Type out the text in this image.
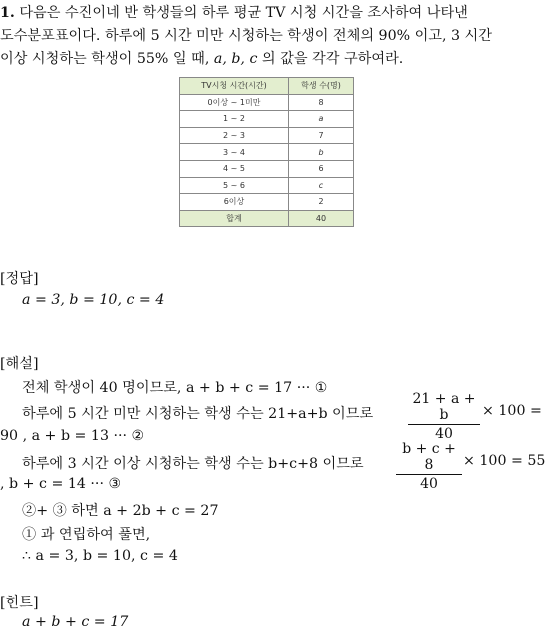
1. 다음은 수진이네 반 학생들의 하루 평균 TV 시청 시간을 조사하여 나타낸
도수분포표이다. 하루에 5 시간 미만 시청하는 학생이 전체의 90% 이고, 3 시간
이상 시청하는 학생이 55% 일 때, a, b, c 의 값을 각각 구하여라.
TV시청 시간(시간)	학생 수(명)
0이상 ~ 1미만	8
1 ~ 2	a
2 ~ 3	7
3 ~ 4	b
4 ~ 5	6
5 ~ 6	c
6이상	2
합계	40
[정답]
a = 3, b = 10, c = 4
[해설]
전체 학생이 40 명이므로, a + b + c = 17 ··· ①
하루에 5 시간 미만 시청하는 학생 수는 21+a+b 이므로
21 + a + b
40
× 100 =
90 , a + b = 13 ··· ②
하루에 3 시간 이상 시청하는 학생 수는 b+c+8 이므로
b + c + 8
40
× 100 = 55
, b + c = 14 ··· ③
②+ ③ 하면 a + 2b + c = 27
① 과 연립하여 풀면,
∴ a = 3, b = 10, c = 4
[힌트]
a + b + c = 17
